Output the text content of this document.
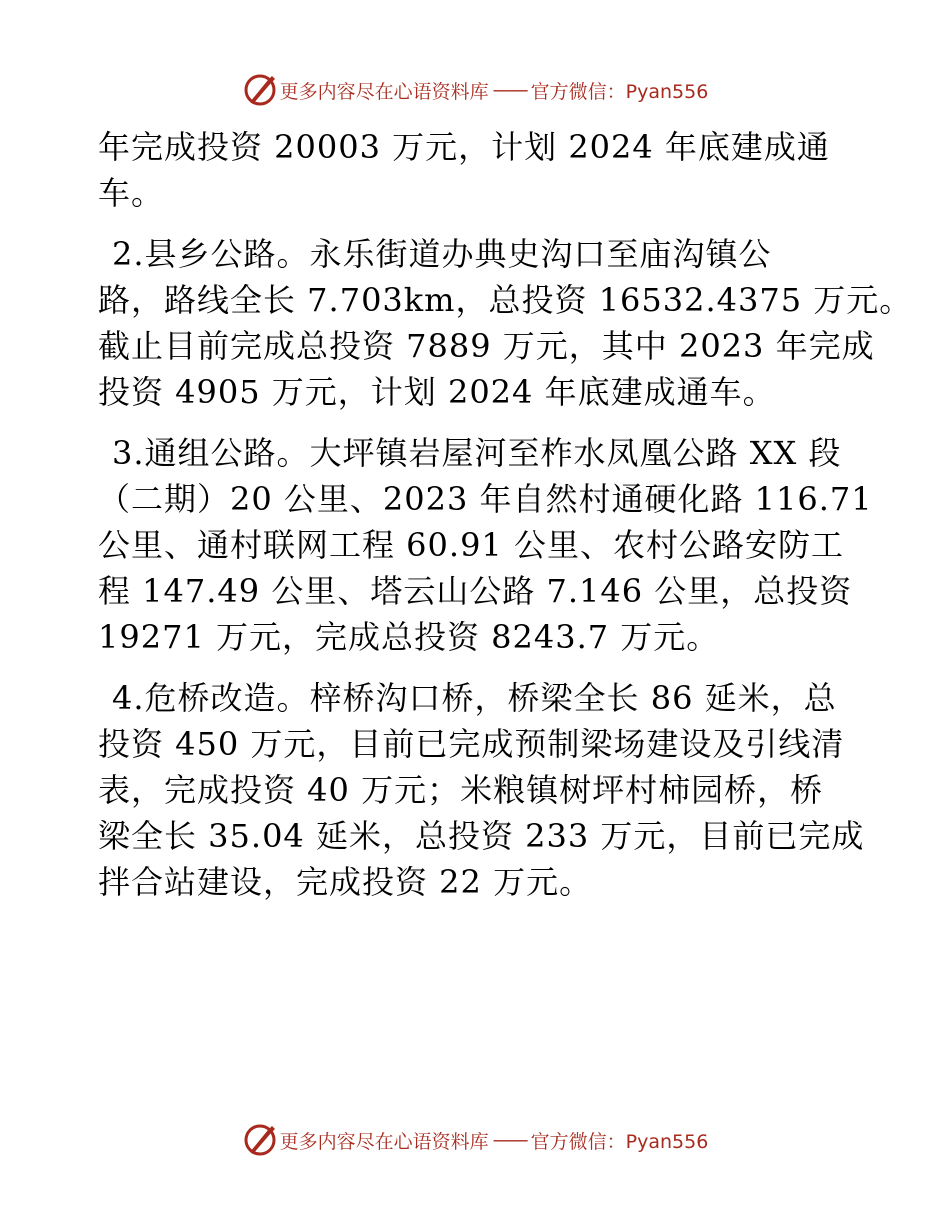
更多内容尽在心语资料库 —— 官方微信：Pyan556

年完成投资 20003 万元，计划 2024 年底建成通
车。

2.县乡公路。永乐街道办典史沟口至庙沟镇公
路，路线全长 7.703km，总投资 16532.4375 万元。
截止目前完成总投资 7889 万元，其中 2023 年完成
投资 4905 万元，计划 2024 年底建成通车。

3.通组公路。大坪镇岩屋河至柞水凤凰公路 XX 段
（二期）20 公里、2023 年自然村通硬化路 116.71
公里、通村联网工程 60.91 公里、农村公路安防工
程 147.49 公里、塔云山公路 7.146 公里，总投资
19271 万元，完成总投资 8243.7 万元。

4.危桥改造。梓桥沟口桥，桥梁全长 86 延米，总
投资 450 万元，目前已完成预制梁场建设及引线清
表，完成投资 40 万元；米粮镇树坪村柿园桥，桥
梁全长 35.04 延米，总投资 233 万元，目前已完成
拌合站建设，完成投资 22 万元。

更多内容尽在心语资料库 —— 官方微信：Pyan556
